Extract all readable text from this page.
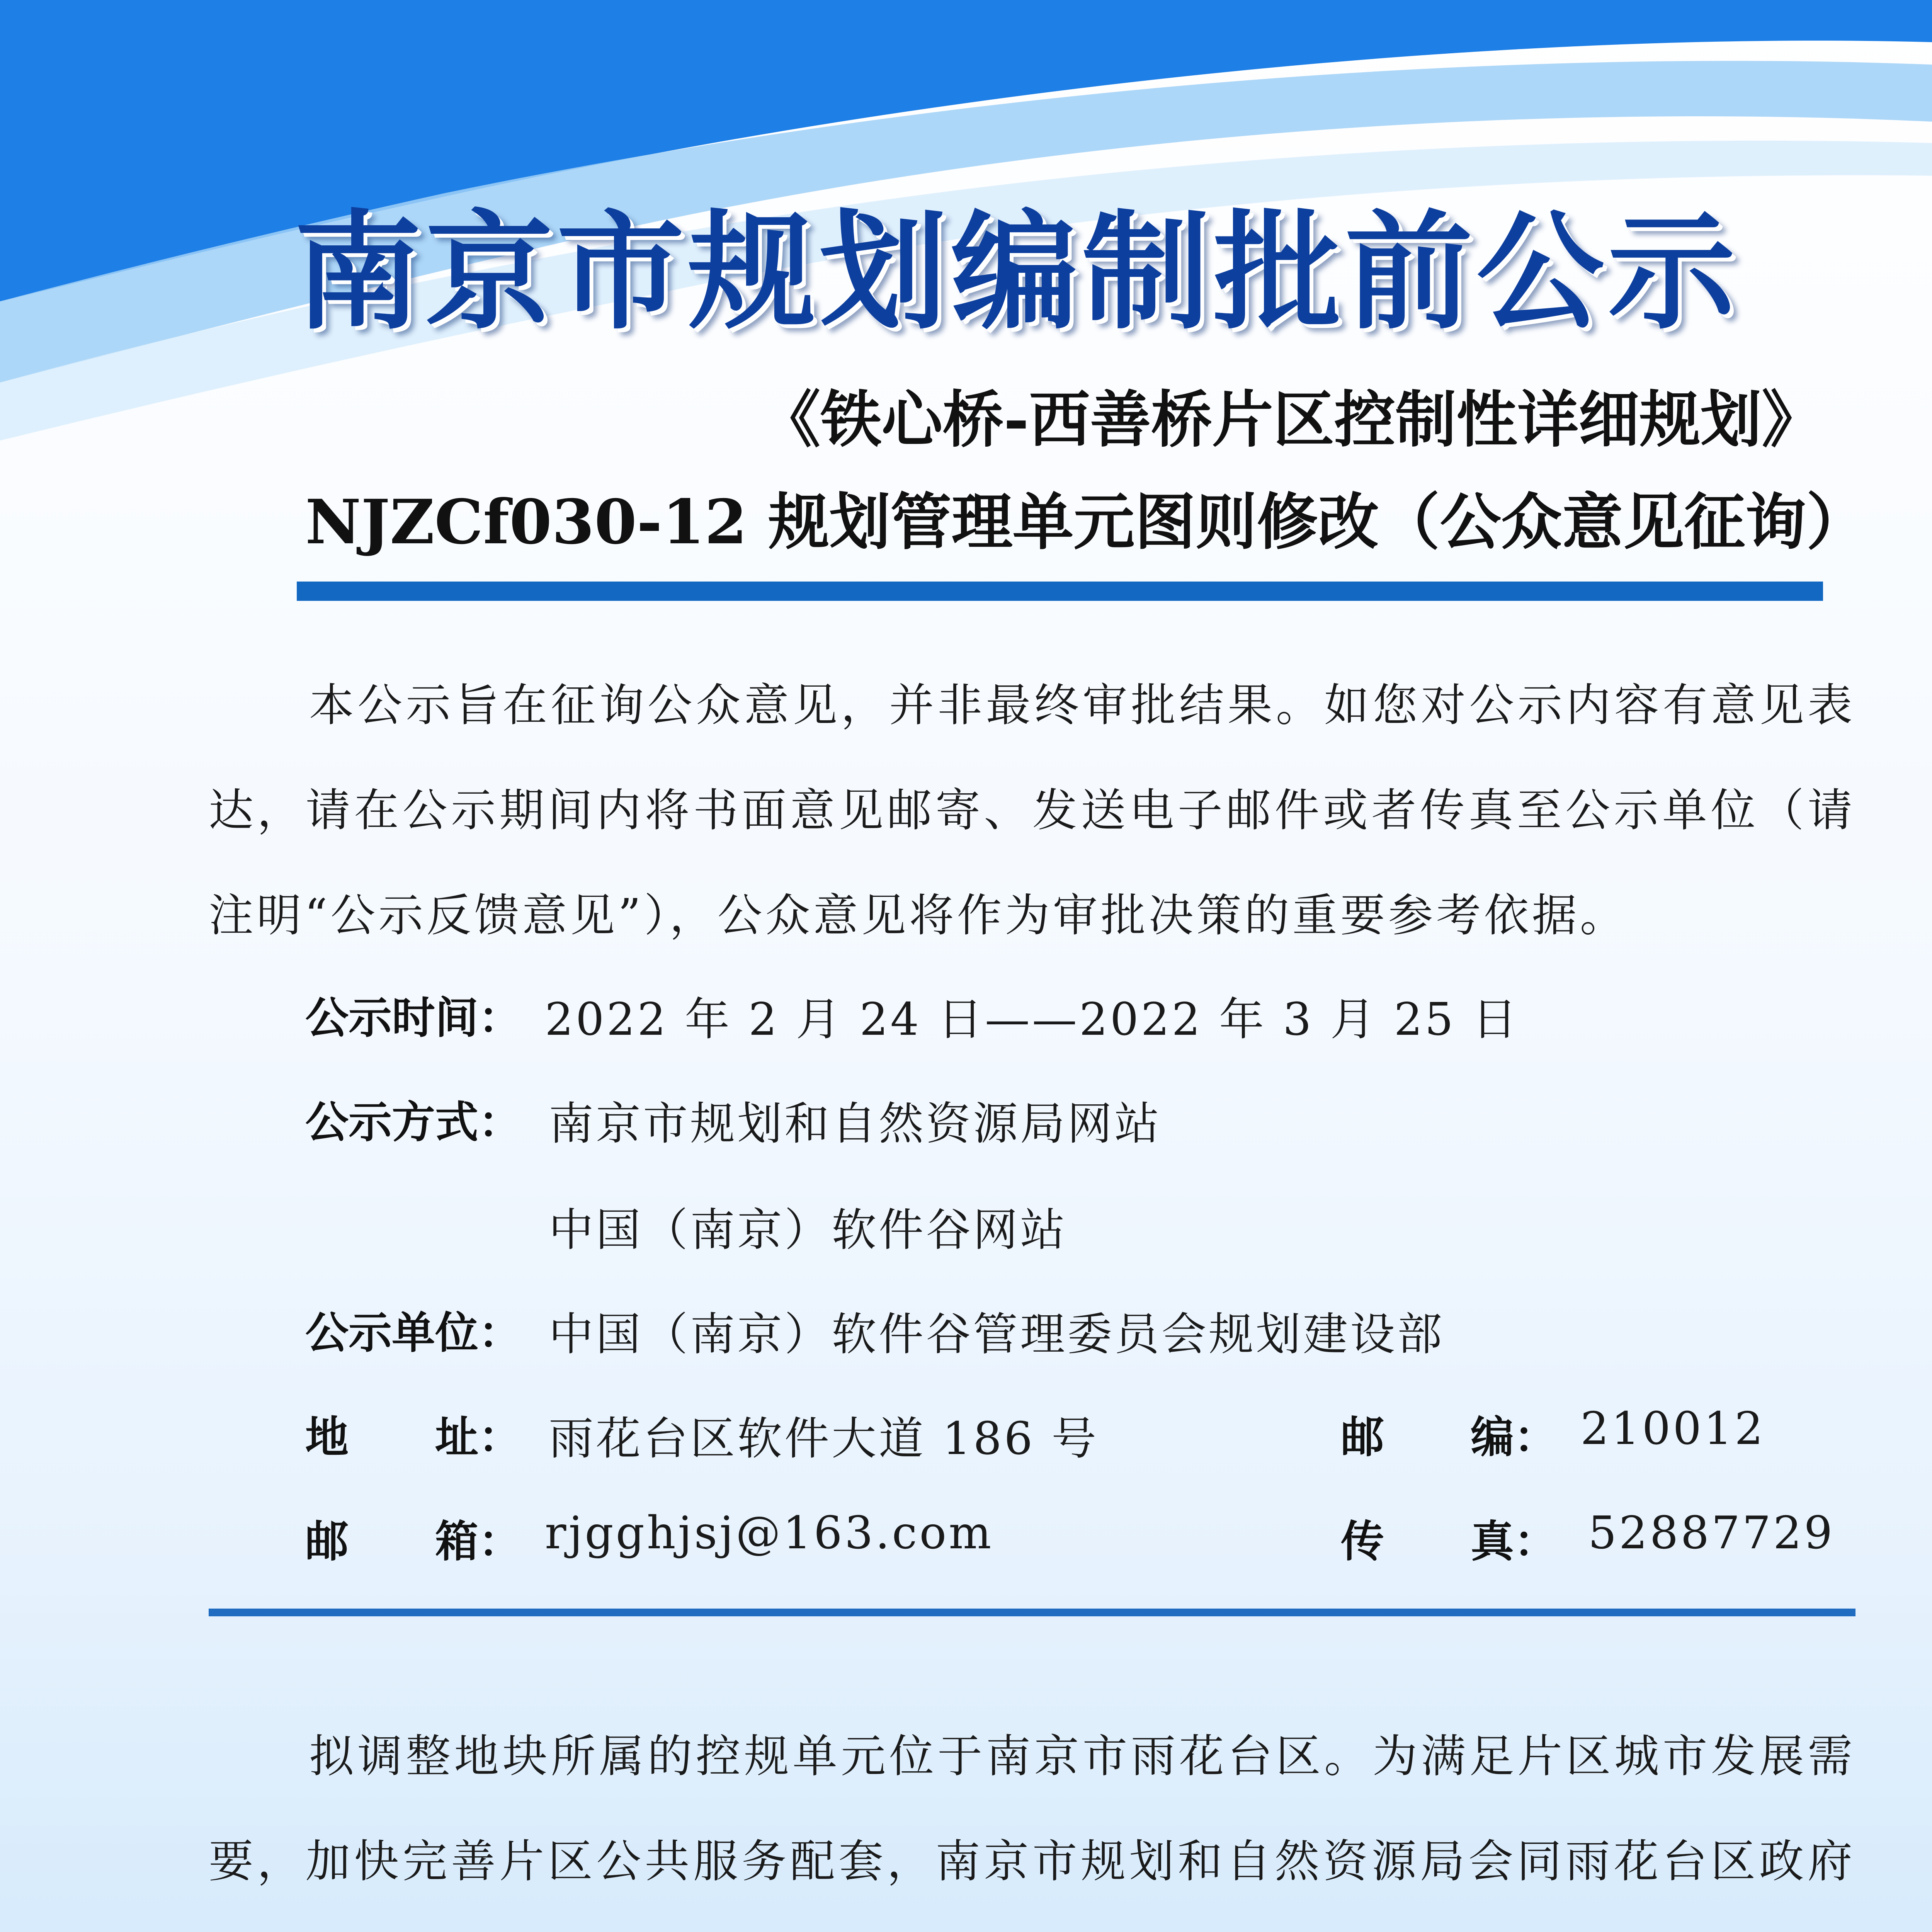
南京市规划编制批前公示
《铁心桥-西善桥片区控制性详细规划》
NJZCf030-12 规划管理单元图则修改（公众意见征询）
本公示旨在征询公众意见，并非最终审批结果。如您对公示内容有意见表达，请在公示期间内将书面意见邮寄、发送电子邮件或者传真至公示单位（请注明“公示反馈意见”），公众意见将作为审批决策的重要参考依据。
公示时间： 2022 年 2 月 24 日——2022 年 3 月 25 日
公示方式： 南京市规划和自然资源局网站
中国（南京）软件谷网站
公示单位： 中国（南京）软件谷管理委员会规划建设部
地　　址： 雨花台区软件大道 186 号	邮　　编： 210012
邮　　箱： rjgghjsj@163.com	传　　真： 52887729
拟调整地块所属的控规单元位于南京市雨花台区。为满足片区城市发展需要，加快完善片区公共服务配套，南京市规划和自然资源局会同雨花台区政府
